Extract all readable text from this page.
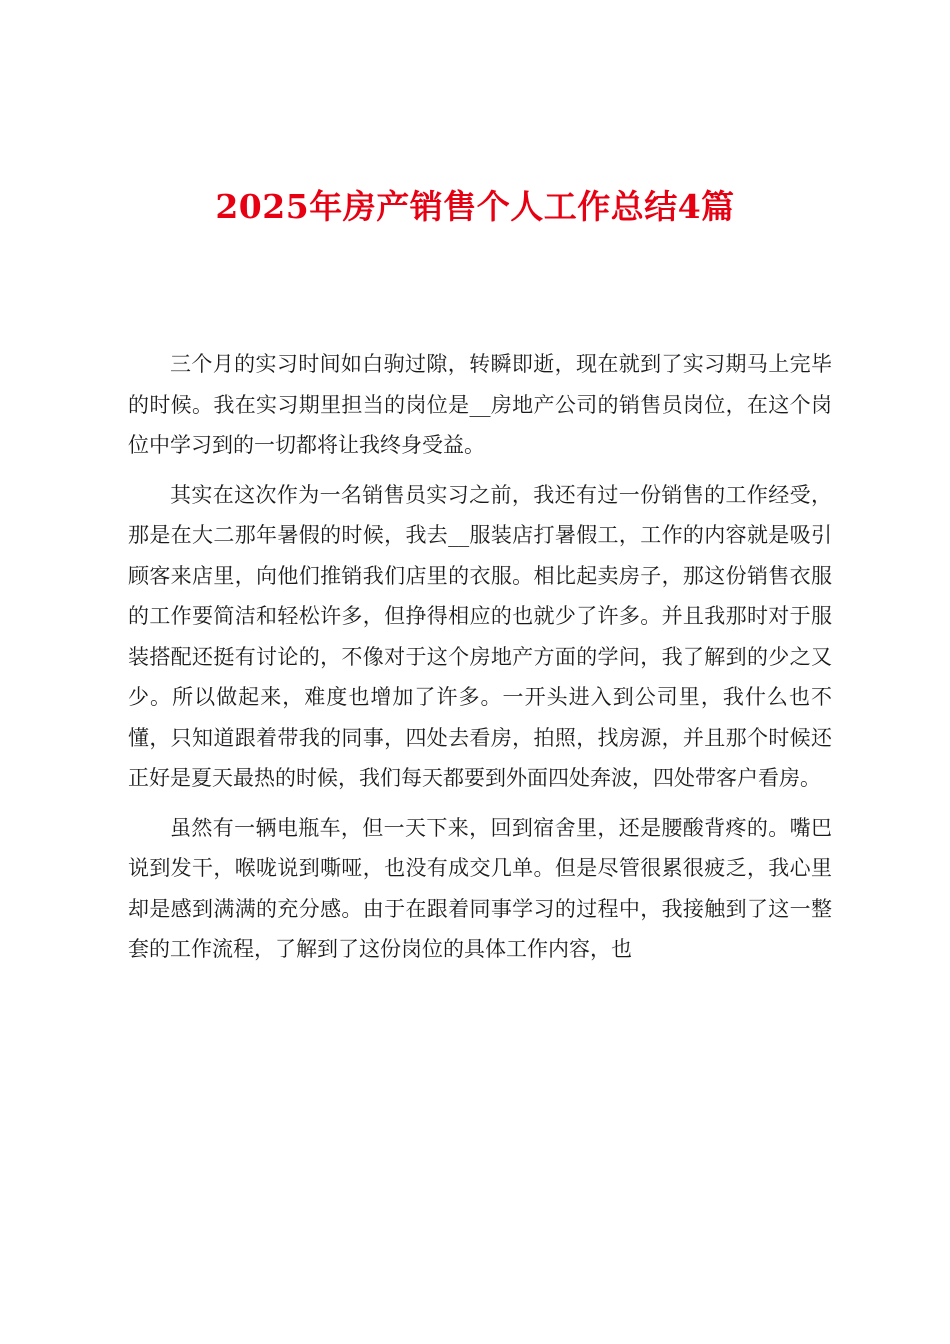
2025年房产销售个人工作总结4篇

三个月的实习时间如白驹过隙，转瞬即逝，现在就到了实习期马上完毕的时候。我在实习期里担当的岗位是__房地产公司的销售员岗位，在这个岗位中学习到的一切都将让我终身受益。

其实在这次作为一名销售员实习之前，我还有过一份销售的工作经受，那是在大二那年暑假的时候，我去__服装店打暑假工，工作的内容就是吸引顾客来店里，向他们推销我们店里的衣服。相比起卖房子，那这份销售衣服的工作要简洁和轻松许多，但挣得相应的也就少了许多。并且我那时对于服装搭配还挺有讨论的，不像对于这个房地产方面的学问，我了解到的少之又少。所以做起来，难度也增加了许多。一开头进入到公司里，我什么也不懂，只知道跟着带我的同事，四处去看房，拍照，找房源，并且那个时候还正好是夏天最热的时候，我们每天都要到外面四处奔波，四处带客户看房。

虽然有一辆电瓶车，但一天下来，回到宿舍里，还是腰酸背疼的。嘴巴说到发干，喉咙说到嘶哑，也没有成交几单。但是尽管很累很疲乏，我心里却是感到满满的充分感。由于在跟着同事学习的过程中，我接触到了这一整套的工作流程，了解到了这份岗位的具体工作内容，也
